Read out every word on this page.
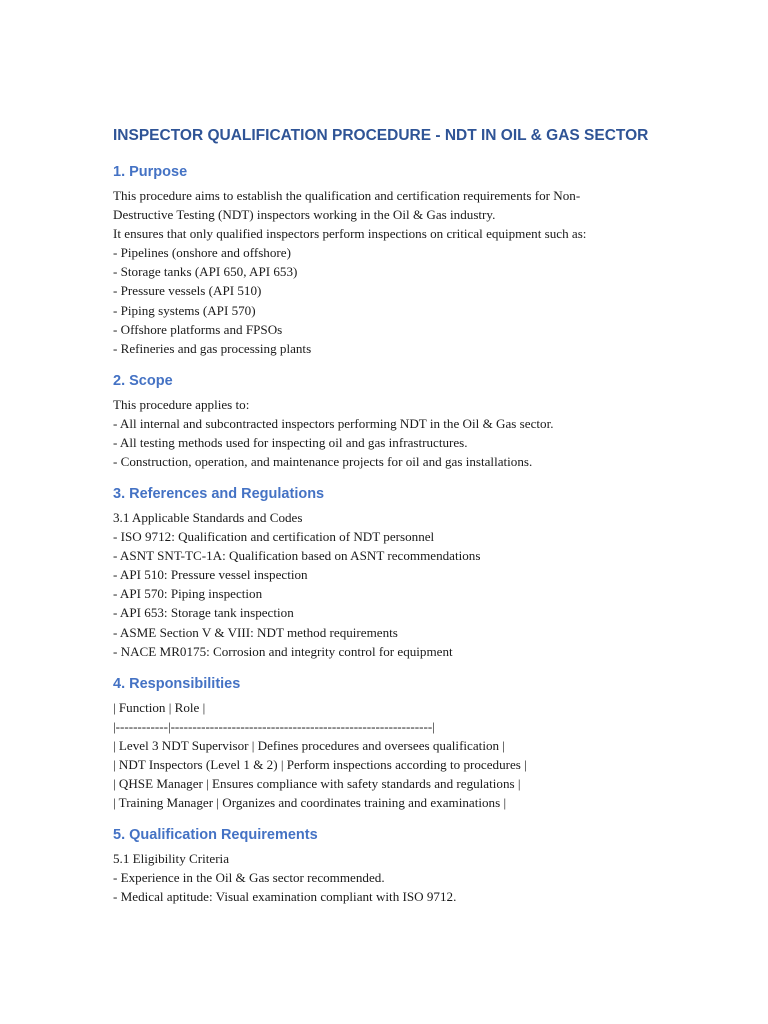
INSPECTOR QUALIFICATION PROCEDURE - NDT IN OIL & GAS SECTOR
1. Purpose

This procedure aims to establish the qualification and certification requirements for Non-

Destructive Testing (NDT) inspectors working in the Oil & Gas industry.

It ensures that only qualified inspectors perform inspections on critical equipment such as:

- Pipelines (onshore and offshore)

- Storage tanks (API 650, API 653)

- Pressure vessels (API 510)

- Piping systems (API 570)

- Offshore platforms and FPSOs

- Refineries and gas processing plants

2. Scope

This procedure applies to:

- All internal and subcontracted inspectors performing NDT in the Oil & Gas sector.

- All testing methods used for inspecting oil and gas infrastructures.

- Construction, operation, and maintenance projects for oil and gas installations.

3. References and Regulations

3.1 Applicable Standards and Codes

- ISO 9712: Qualification and certification of NDT personnel

- ASNT SNT-TC-1A: Qualification based on ASNT recommendations

- API 510: Pressure vessel inspection

- API 570: Piping inspection

- API 653: Storage tank inspection

- ASME Section V & VIII: NDT method requirements

- NACE MR0175: Corrosion and integrity control for equipment

4. Responsibilities

| Function | Role |

|------------|------------------------------------------------------------|

| Level 3 NDT Supervisor | Defines procedures and oversees qualification |

| NDT Inspectors (Level 1 & 2) | Perform inspections according to procedures |

| QHSE Manager | Ensures compliance with safety standards and regulations |

| Training Manager | Organizes and coordinates training and examinations |

5. Qualification Requirements

5.1 Eligibility Criteria

- Experience in the Oil & Gas sector recommended.

- Medical aptitude: Visual examination compliant with ISO 9712.
